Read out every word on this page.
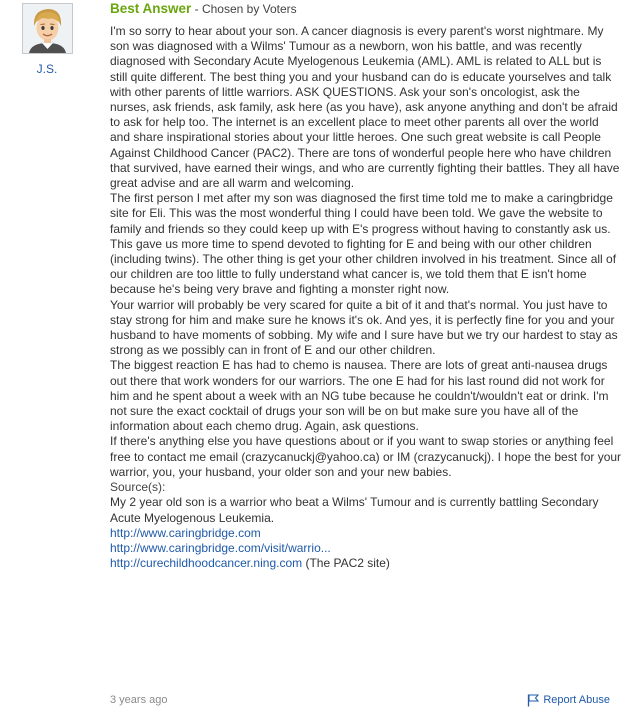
J.S.
Best Answer - Chosen by Voters

I'm so sorry to hear about your son. A cancer diagnosis is every parent's worst nightmare. My son was diagnosed with a Wilms' Tumour as a newborn, won his battle, and was recently diagnosed with Secondary Acute Myelogenous Leukemia (AML). AML is related to ALL but is still quite different. The best thing you and your husband can do is educate yourselves and talk with other parents of little warriors. ASK QUESTIONS. Ask your son's oncologist, ask the nurses, ask friends, ask family, ask here (as you have), ask anyone anything and don't be afraid to ask for help too. The internet is an excellent place to meet other parents all over the world and share inspirational stories about your little heroes. One such great website is call People Against Childhood Cancer (PAC2). There are tons of wonderful people here who have children that survived, have earned their wings, and who are currently fighting their battles. They all have great advise and are all warm and welcoming.

The first person I met after my son was diagnosed the first time told me to make a caringbridge site for Eli. This was the most wonderful thing I could have been told. We gave the website to family and friends so they could keep up with E's progress without having to constantly ask us. This gave us more time to spend devoted to fighting for E and being with our other children (including twins). The other thing is get your other children involved in his treatment. Since all of our children are too little to fully understand what cancer is, we told them that E isn't home because he's being very brave and fighting a monster right now.

Your warrior will probably be very scared for quite a bit of it and that's normal. You just have to stay strong for him and make sure he knows it's ok. And yes, it is perfectly fine for you and your husband to have moments of sobbing. My wife and I sure have but we try our hardest to stay as strong as we possibly can in front of E and our other children.

The biggest reaction E has had to chemo is nausea. There are lots of great anti-nausea drugs out there that work wonders for our warriors. The one E had for his last round did not work for him and he spent about a week with an NG tube because he couldn't/wouldn't eat or drink. I'm not sure the exact cocktail of drugs your son will be on but make sure you have all of the information about each chemo drug. Again, ask questions.

If there's anything else you have questions about or if you want to swap stories or anything feel free to contact me email (crazycanuckj@yahoo.ca) or IM (crazycanuckj). I hope the best for your warrior, you, your husband, your older son and your new babies.

Source(s):

My 2 year old son is a warrior who beat a Wilms' Tumour and is currently battling Secondary Acute Myelogenous Leukemia.

http://www.caringbridge.com
http://www.caringbridge.com/visit/warrio...
http://curechildhoodcancer.ning.com (The PAC2 site)
3 years ago	Report Abuse
